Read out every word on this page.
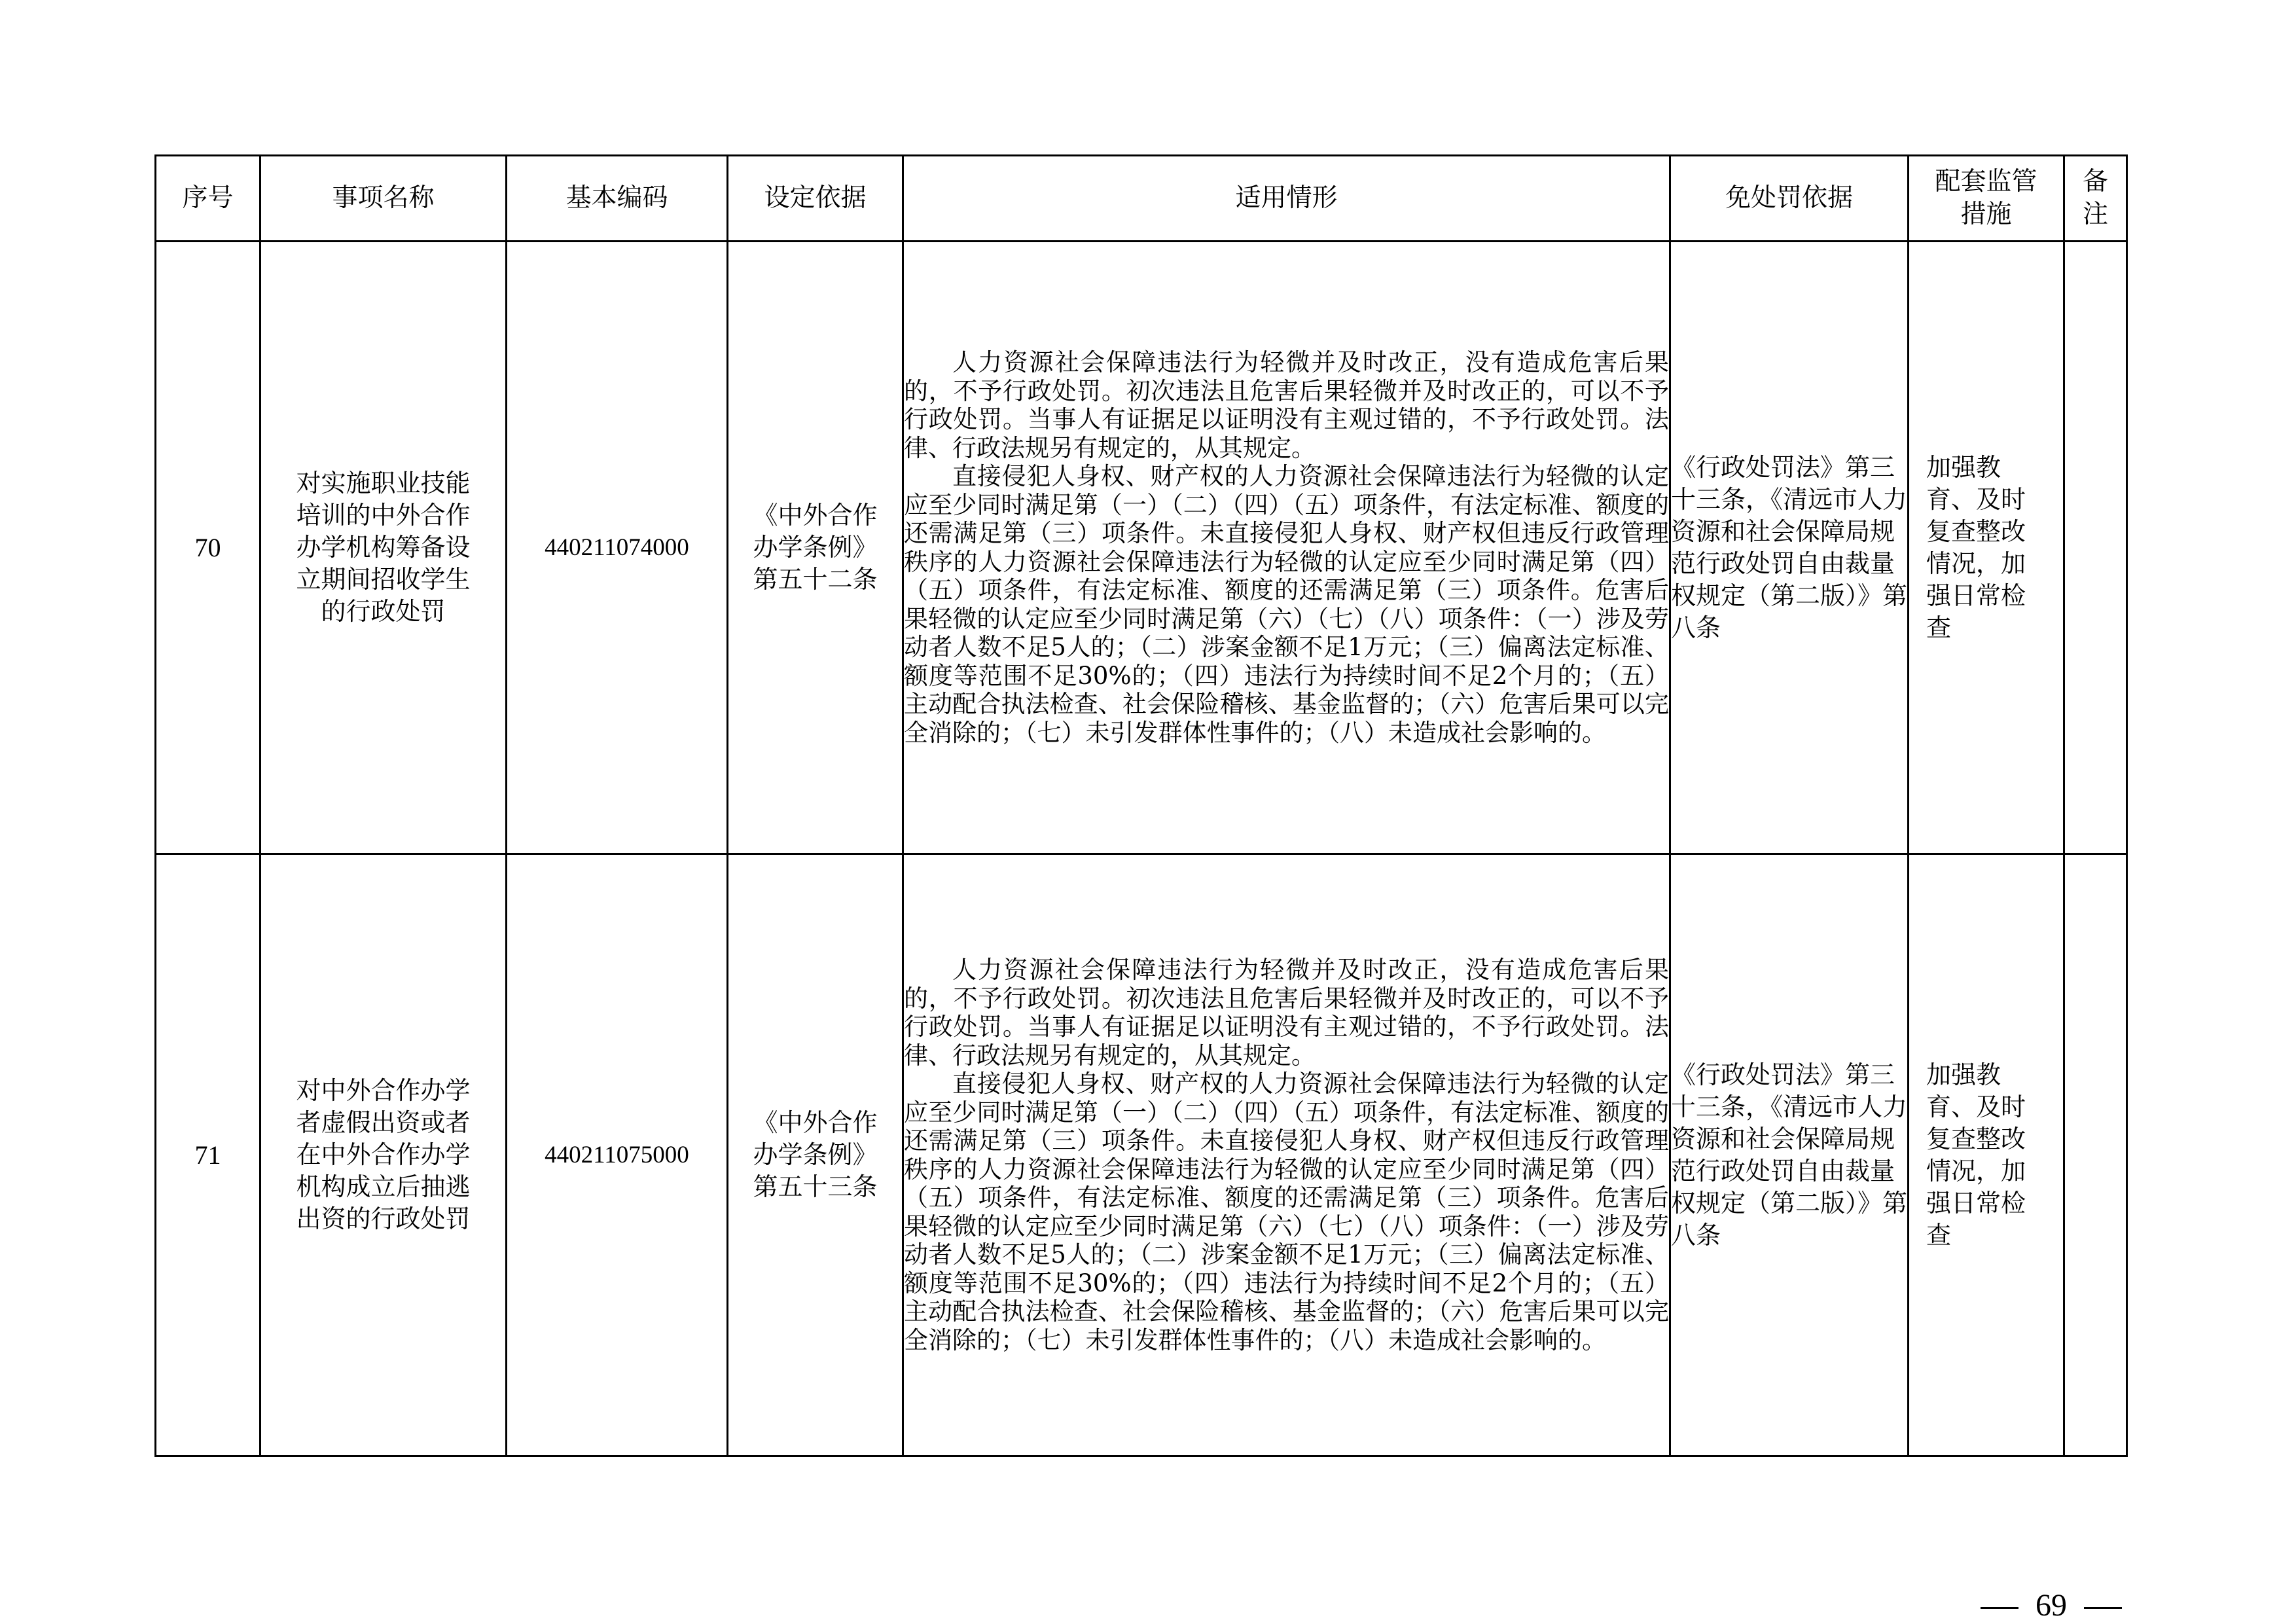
序号	事项名称	基本编码	设定依据	适用情形	免处罚依据	配套监管措施	备注
70	对实施职业技能培训的中外合作办学机构筹备设立期间招收学生的行政处罚	440211074000	《中外合作办学条例》第五十二条	人力资源社会保障违法行为轻微并及时改正，没有造成危害后果的，不予行政处罚。初次违法且危害后果轻微并及时改正的，可以不予行政处罚。当事人有证据足以证明没有主观过错的，不予行政处罚。法律、行政法规另有规定的，从其规定。

直接侵犯人身权、财产权的人力资源社会保障违法行为轻微的认定应至少同时满足第（一）（二）（四）（五）项条件，有法定标准、额度的还需满足第（三）项条件。未直接侵犯人身权、财产权但违反行政管理秩序的人力资源社会保障违法行为轻微的认定应至少同时满足第（四）（五）项条件，有法定标准、额度的还需满足第（三）项条件。危害后果轻微的认定应至少同时满足第（六）（七）（八）项条件：（一）涉及劳动者人数不足5人的；（二）涉案金额不足1万元；（三）偏离法定标准、额度等范围不足30%的；（四）违法行为持续时间不足2个月的；（五）主动配合执法检查、社会保险稽核、基金监督的；（六）危害后果可以完全消除的；（七）未引发群体性事件的；（八）未造成社会影响的。	《行政处罚法》第三十三条，《清远市人力资源和社会保障局规范行政处罚自由裁量权规定（第二版）》第八条	加强教育、及时复查整改情况，加强日常检查	
71	对中外合作办学者虚假出资或者在中外合作办学机构成立后抽逃出资的行政处罚	440211075000	《中外合作办学条例》第五十三条	人力资源社会保障违法行为轻微并及时改正，没有造成危害后果的，不予行政处罚。初次违法且危害后果轻微并及时改正的，可以不予行政处罚。当事人有证据足以证明没有主观过错的，不予行政处罚。法律、行政法规另有规定的，从其规定。

直接侵犯人身权、财产权的人力资源社会保障违法行为轻微的认定应至少同时满足第（一）（二）（四）（五）项条件，有法定标准、额度的还需满足第（三）项条件。未直接侵犯人身权、财产权但违反行政管理秩序的人力资源社会保障违法行为轻微的认定应至少同时满足第（四）（五）项条件，有法定标准、额度的还需满足第（三）项条件。危害后果轻微的认定应至少同时满足第（六）（七）（八）项条件：（一）涉及劳动者人数不足5人的；（二）涉案金额不足1万元；（三）偏离法定标准、额度等范围不足30%的；（四）违法行为持续时间不足2个月的；（五）主动配合执法检查、社会保险稽核、基金监督的；（六）危害后果可以完全消除的；（七）未引发群体性事件的；（八）未造成社会影响的。	《行政处罚法》第三十三条，《清远市人力资源和社会保障局规范行政处罚自由裁量权规定（第二版）》第八条	加强教育、及时复查整改情况，加强日常检查	
69
